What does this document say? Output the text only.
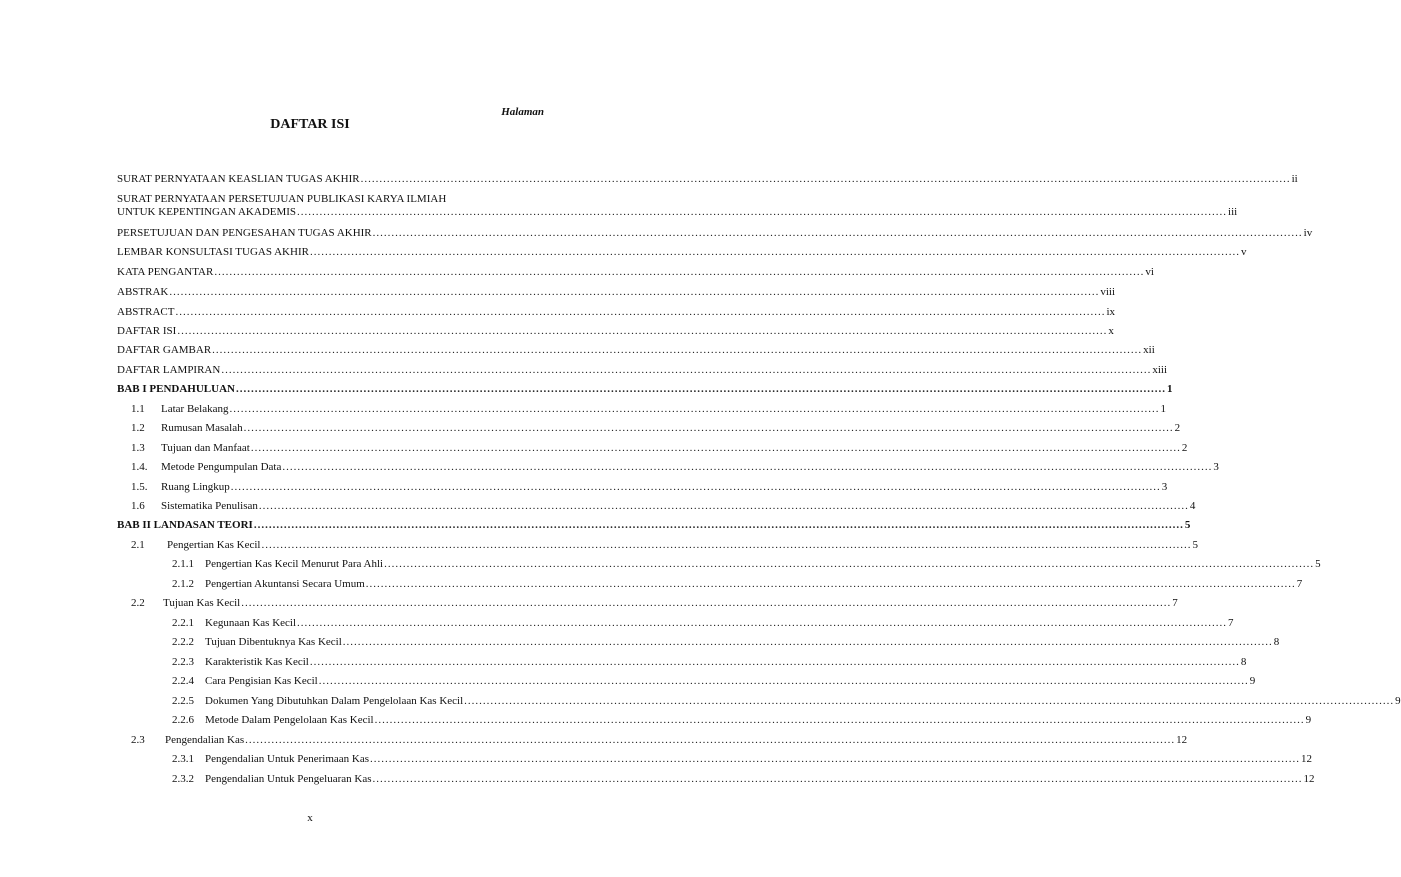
Halaman
DAFTAR ISI
SURAT PERNYATAAN KEASLIAN TUGAS AKHIR .....	ii
SURAT PERNYATAAN PERSETUJUAN PUBLIKASI KARYA ILMIAH
UNTUK KEPENTINGAN AKADEMIS .....	iii
PERSETUJUAN DAN PENGESAHAN TUGAS AKHIR .....	iv
LEMBAR KONSULTASI TUGAS AKHIR .....	v
KATA PENGANTAR .....	vi
ABSTRAK .....	viii
ABSTRACT .....	ix
DAFTAR ISI .....	x
DAFTAR GAMBAR .....	xii
DAFTAR LAMPIRAN .....	xiii
BAB I PENDAHULUAN .....	1
1.1	Latar Belakang .....	1
1.2	Rumusan Masalah .....	2
1.3	Tujuan dan Manfaat .....	2
1.4.	Metode Pengumpulan Data .....	3
1.5.	Ruang Lingkup .....	3
1.6	Sistematika Penulisan .....	4
BAB II LANDASAN TEORI .....	5
2.1	Pengertian Kas Kecil .....	5
2.1.1	Pengertian Kas Kecil Menurut Para Ahli .....	5
2.1.2	Pengertian Akuntansi Secara Umum .....	7
2.2	Tujuan Kas Kecil .....	7
2.2.1	Kegunaan Kas Kecil .....	7
2.2.2	Tujuan Dibentuknya Kas Kecil .....	8
2.2.3	Karakteristik Kas Kecil .....	8
2.2.4	Cara Pengisian Kas Kecil .....	9
2.2.5	Dokumen Yang Dibutuhkan Dalam Pengelolaan Kas Kecil .....	9
2.2.6	Metode Dalam Pengelolaan Kas Kecil .....	9
2.3	Pengendalian Kas .....	12
2.3.1	Pengendalian Untuk Penerimaan Kas .....	12
2.3.2	Pengendalian Untuk Pengeluaran Kas .....	12
x
